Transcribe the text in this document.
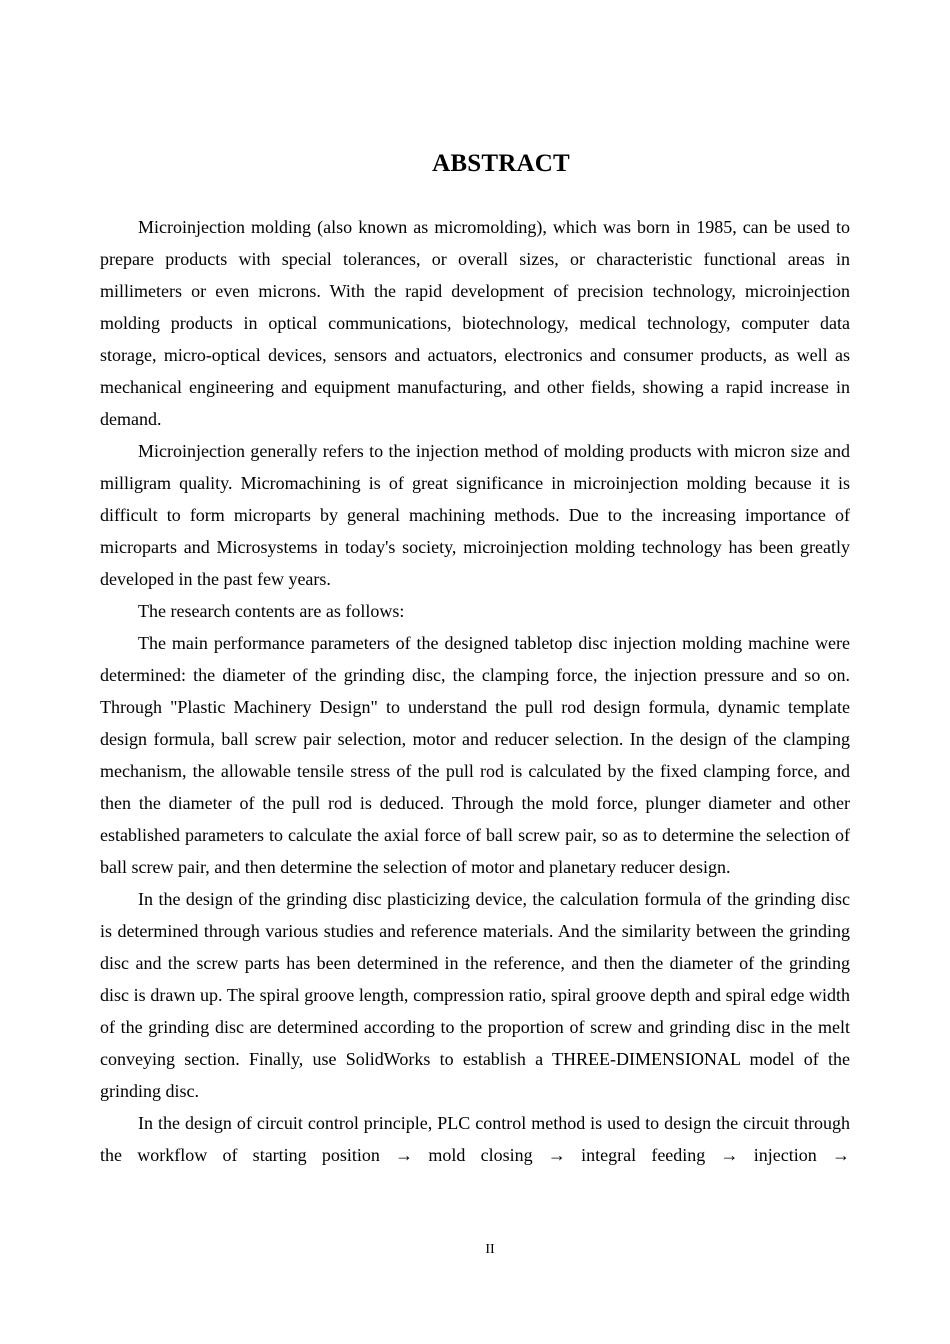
ABSTRACT

Microinjection molding (also known as micromolding), which was born in 1985, can be used to prepare products with special tolerances, or overall sizes, or characteristic functional areas in millimeters or even microns. With the rapid development of precision technology, microinjection molding products in optical communications, biotechnology, medical technology, computer data storage, micro-optical devices, sensors and actuators, electronics and consumer products, as well as mechanical engineering and equipment manufacturing, and other fields, showing a rapid increase in demand.

Microinjection generally refers to the injection method of molding products with micron size and milligram quality. Micromachining is of great significance in microinjection molding because it is difficult to form microparts by general machining methods. Due to the increasing importance of microparts and Microsystems in today's society, microinjection molding technology has been greatly developed in the past few years.

The research contents are as follows:

The main performance parameters of the designed tabletop disc injection molding machine were determined: the diameter of the grinding disc, the clamping force, the injection pressure and so on. Through "Plastic Machinery Design" to understand the pull rod design formula, dynamic template design formula, ball screw pair selection, motor and reducer selection. In the design of the clamping mechanism, the allowable tensile stress of the pull rod is calculated by the fixed clamping force, and then the diameter of the pull rod is deduced. Through the mold force, plunger diameter and other established parameters to calculate the axial force of ball screw pair, so as to determine the selection of ball screw pair, and then determine the selection of motor and planetary reducer design.

In the design of the grinding disc plasticizing device, the calculation formula of the grinding disc is determined through various studies and reference materials. And the similarity between the grinding disc and the screw parts has been determined in the reference, and then the diameter of the grinding disc is drawn up. The spiral groove length, compression ratio, spiral groove depth and spiral edge width of the grinding disc are determined according to the proportion of screw and grinding disc in the melt conveying section. Finally, use SolidWorks to establish a THREE-DIMENSIONAL model of the grinding disc.

In the design of circuit control principle, PLC control method is used to design the circuit through the workflow of starting position → mold closing → integral feeding → injection →

II
